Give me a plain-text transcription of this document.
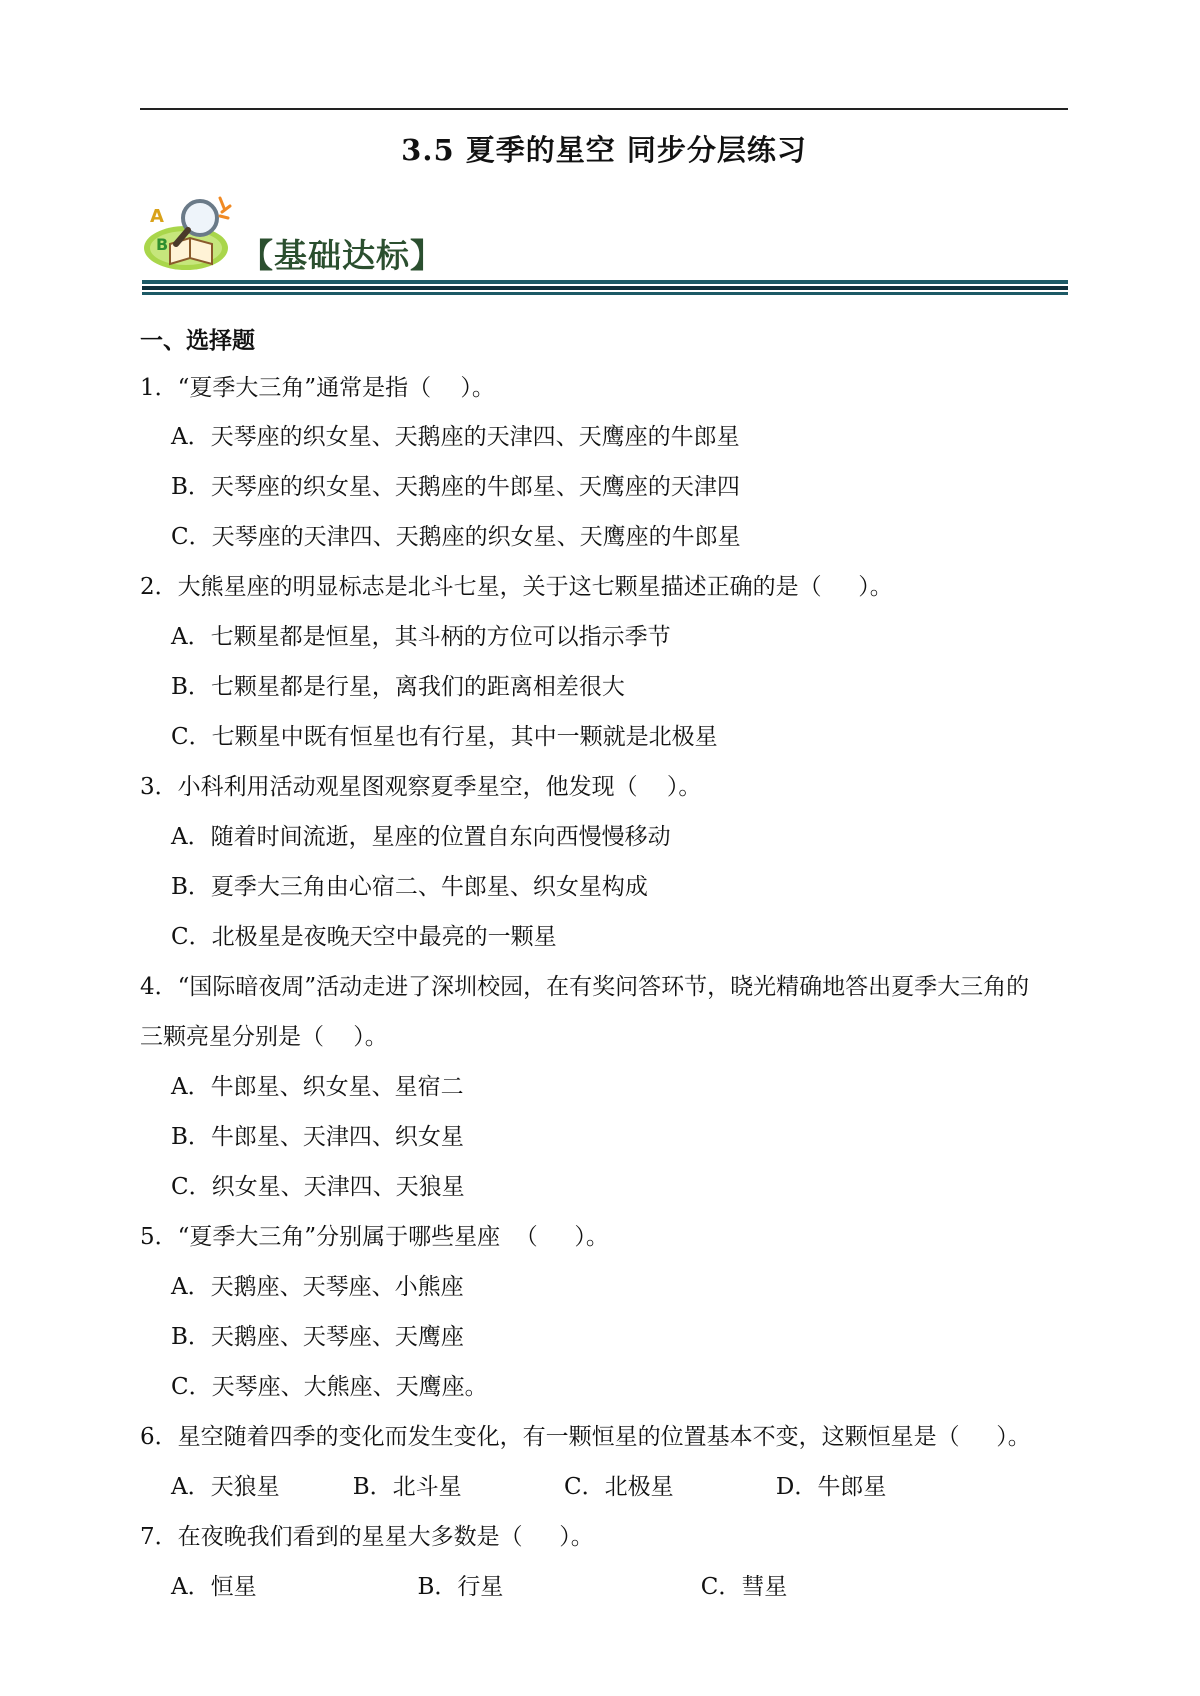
3.5 夏季的星空 同步分层练习
A
B 【基础达标】
一、选择题
1．“夏季大三角”通常是指（    ）。
A．天琴座的织女星、天鹅座的天津四、天鹰座的牛郎星
B．天琴座的织女星、天鹅座的牛郎星、天鹰座的天津四
C．天琴座的天津四、天鹅座的织女星、天鹰座的牛郎星
2．大熊星座的明显标志是北斗七星，关于这七颗星描述正确的是（     ）。
A．七颗星都是恒星，其斗柄的方位可以指示季节
B．七颗星都是行星，离我们的距离相差很大
C．七颗星中既有恒星也有行星，其中一颗就是北极星
3．小科利用活动观星图观察夏季星空，他发现（    ）。
A．随着时间流逝，星座的位置自东向西慢慢移动
B．夏季大三角由心宿二、牛郎星、织女星构成
C．北极星是夜晚天空中最亮的一颗星
4．“国际暗夜周”活动走进了深圳校园，在有奖问答环节，晓光精确地答出夏季大三角的
三颗亮星分别是（    ）。
A．牛郎星、织女星、星宿二
B．牛郎星、天津四、织女星
C．织女星、天津四、天狼星
5．“夏季大三角”分别属于哪些星座  （     ）。
A．天鹅座、天琴座、小熊座
B．天鹅座、天琴座、天鹰座
C．天琴座、大熊座、天鹰座。
6．星空随着四季的变化而发生变化，有一颗恒星的位置基本不变，这颗恒星是（     ）。
A．天狼星          B．北斗星              C．北极星              D．牛郎星
7．在夜晚我们看到的星星大多数是（     ）。
A．恒星                      B．行星                           C．彗星
